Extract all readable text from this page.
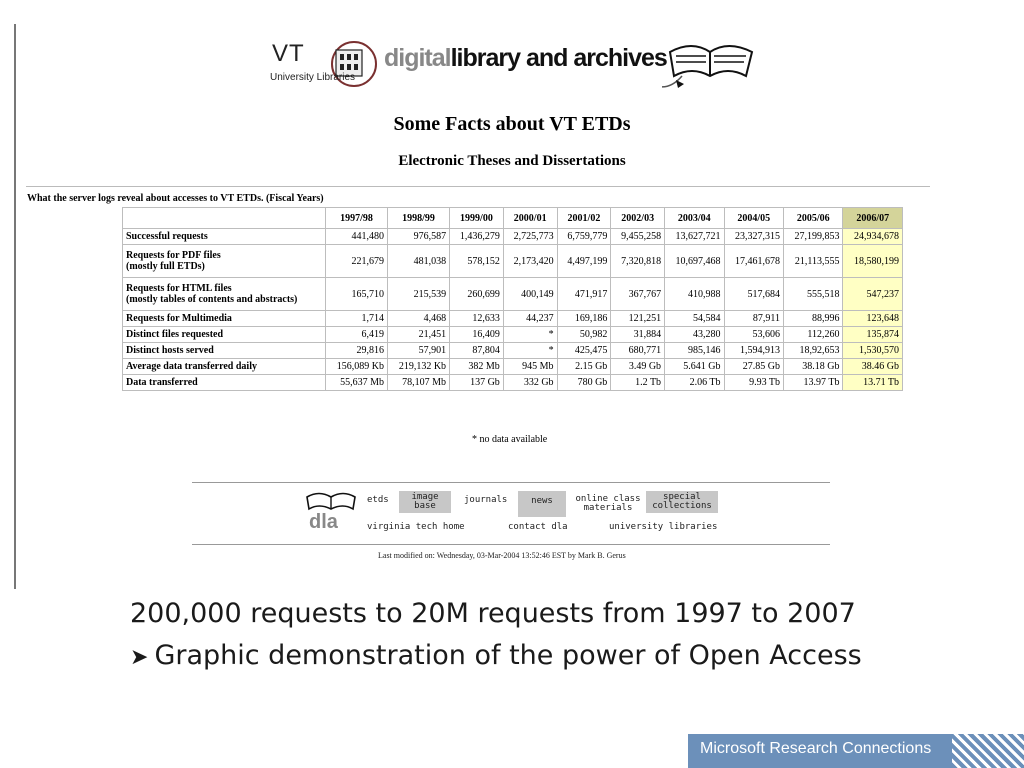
VT
University Libraries
digitallibrary and archives
Some Facts about VT ETDs
Electronic Theses and Dissertations
What the server logs reveal about accesses to VT ETDs. (Fiscal Years)
	1997/98	1998/99	1999/00	2000/01	2001/02	2002/03	2003/04	2004/05	2005/06	2006/07

Successful requests	441,480	976,587	1,436,279	2,725,773	6,759,779	9,455,258	13,627,721	23,327,315	27,199,853	24,934,678

Requests for PDF files
(mostly full ETDs)	221,679	481,038	578,152	2,173,420	4,497,199	7,320,818	10,697,468	17,461,678	21,113,555	18,580,199

Requests for HTML files
(mostly tables of contents and abstracts)	165,710	215,539	260,699	400,149	471,917	367,767	410,988	517,684	555,518	547,237

Requests for Multimedia	1,714	4,468	12,633	44,237	169,186	121,251	54,584	87,911	88,996	123,648

Distinct files requested	6,419	21,451	16,409	*	50,982	31,884	43,280	53,606	112,260	135,874

Distinct hosts served	29,816	57,901	87,804	*	425,475	680,771	985,146	1,594,913	18,92,653	1,530,570

Average data transferred daily	156,089 Kb	219,132 Kb	382 Mb	945 Mb	2.15 Gb	3.49 Gb	5.641 Gb	27.85 Gb	38.18 Gb	38.46 Gb

Data transferred	55,637 Mb	78,107 Mb	137 Gb	332 Gb	780 Gb	1.2 Tb	2.06 Tb	9.93 Tb	13.97 Tb	13.71 Tb
* no data available
dla
etds	image
base
journals	news	online class
materials
special
collections
virginia tech home	contact dla	university libraries
Last modified on: Wednesday, 03-Mar-2004 13:52:46 EST by Mark B. Gerus
200,000 requests to 20M requests from 1997 to 2007
➤ Graphic demonstration of the power of Open Access
Microsoft Research Connections
